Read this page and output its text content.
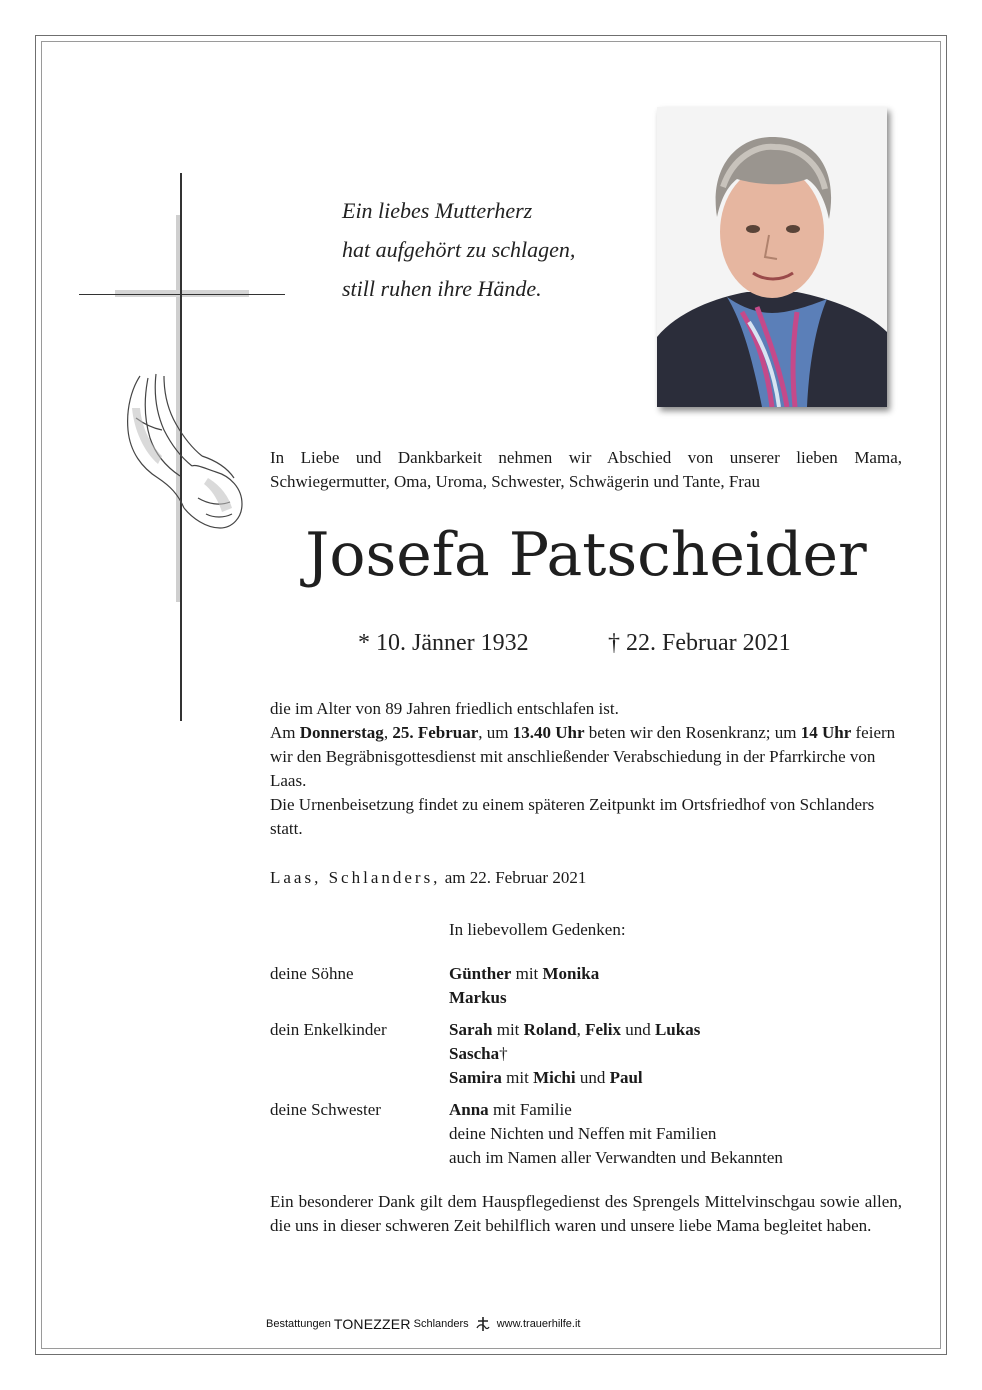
Ein liebes Mutterherz
hat aufgehört zu schlagen,
still ruhen ihre Hände.
In Liebe und Dankbarkeit nehmen wir Abschied von unserer lieben Mama, Schwiegermutter, Oma, Uroma, Schwester, Schwägerin und Tante, Frau
Josefa Patscheider
* 10. Jänner 1932	† 22. Februar 2021

die im Alter von 89 Jahren friedlich entschlafen ist.

Am Donnerstag, 25. Februar, um 13.40 Uhr beten wir den Rosenkranz; um 14 Uhr feiern wir den Begräbnisgottesdienst mit anschließender Verabschiedung in der Pfarrkirche von Laas.

Die Urnenbeisetzung findet zu einem späteren Zeitpunkt im Ortsfriedhof von Schlanders statt.

Laas, Schlanders, am 22. Februar 2021
In liebevollem Gedenken:
deine Söhne	Günther mit Monika
Markus
dein Enkelkinder	Sarah mit Roland, Felix und Lukas
Sascha†
Samira mit Michi und Paul
deine Schwester	Anna mit Familie
deine Nichten und Neffen mit Familien
auch im Namen aller Verwandten und Bekannten
Ein besonderer Dank gilt dem Hauspflegedienst des Sprengels Mittelvinschgau sowie allen, die uns in dieser schweren Zeit behilflich waren und unsere liebe Mama begleitet haben.
Bestattungen TONEZZER Schlanders	www.trauerhilfe.it
